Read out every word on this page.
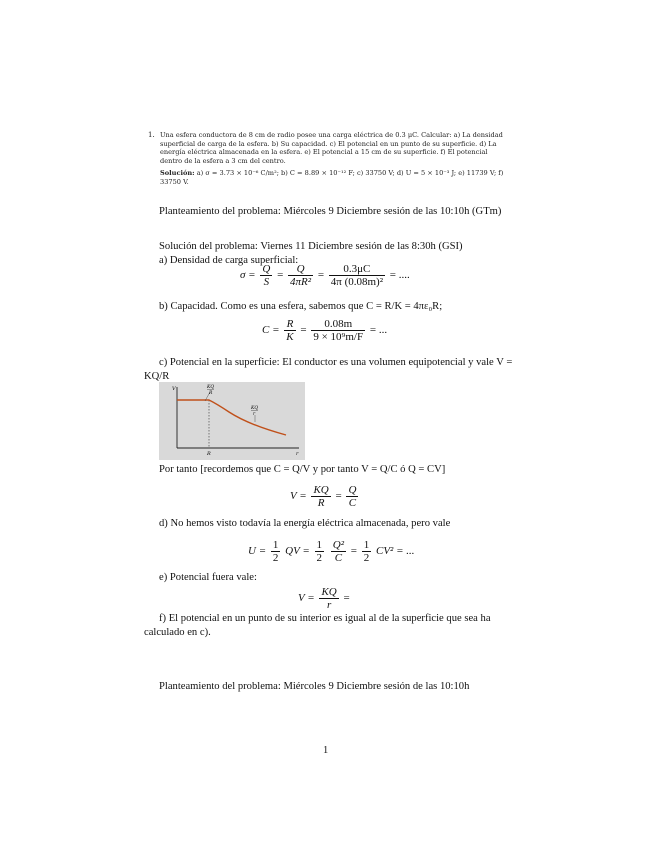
1. Una esfera conductora de 8 cm de radio posee una carga eléctrica de 0.3 μC. Calcular: a) La densidad superficial de carga de la esfera. b) Su capacidad. c) El potencial en un punto de su superficie. d) La energía eléctrica almacenada en la esfera. e) El potencial a 15 cm de su superficie. f) El potencial dentro de la esfera a 3 cm del centro.
Solución: a) σ = 3.73 × 10⁻⁶ C/m²; b) C = 8.89 × 10⁻¹² F; c) 33750 V; d) U = 5 × 10⁻³ J; e) 11739 V; f) 33750 V.
Planteamiento del problema: Miércoles 9 Diciembre sesión de las 10:10h (GTm)
Solución del problema: Viernes 11 Diciembre sesión de las 8:30h (GSI)
a) Densidad de carga superficial:
$\sigma = \frac{Q}{S} = \frac{Q}{\text{4πR²}} = \frac{0.3\mu C}{\text{4π (0.08m)²}}$ = ....
b) Capacidad. Como es una esfera, sabemos que C = R/K = 4πε₀R;
$C = \frac{R}{K} = \frac{0.08m}{\text{9 × 10⁹m/F}}$ = ...
c) Potencial en la superficie: El conductor es una volumen equipotencial y vale V = KQ/R
V
r
R
KQ
R
KQ
r
Por tanto [recordemos que C = Q/V y por tanto V = Q/C ó Q = CV]
$V = \frac{KQ}{R} = \frac{Q}{C}$
d) No hemos visto todavía la energía eléctrica almacenada, pero vale
$U = \frac{1}{2}$ QV = $\frac{1}{2}$
$\frac{\text{Q²}}{C} = \frac{1}{2} CV^2$ = ...
e) Potencial fuera vale:
$V = \frac{KQ}{r}$ =
f) El potencial en un punto de su interior es igual al de la superficie que sea ha calculado en c).
Planteamiento del problema: Miércoles 9 Diciembre sesión de las 10:10h
1
